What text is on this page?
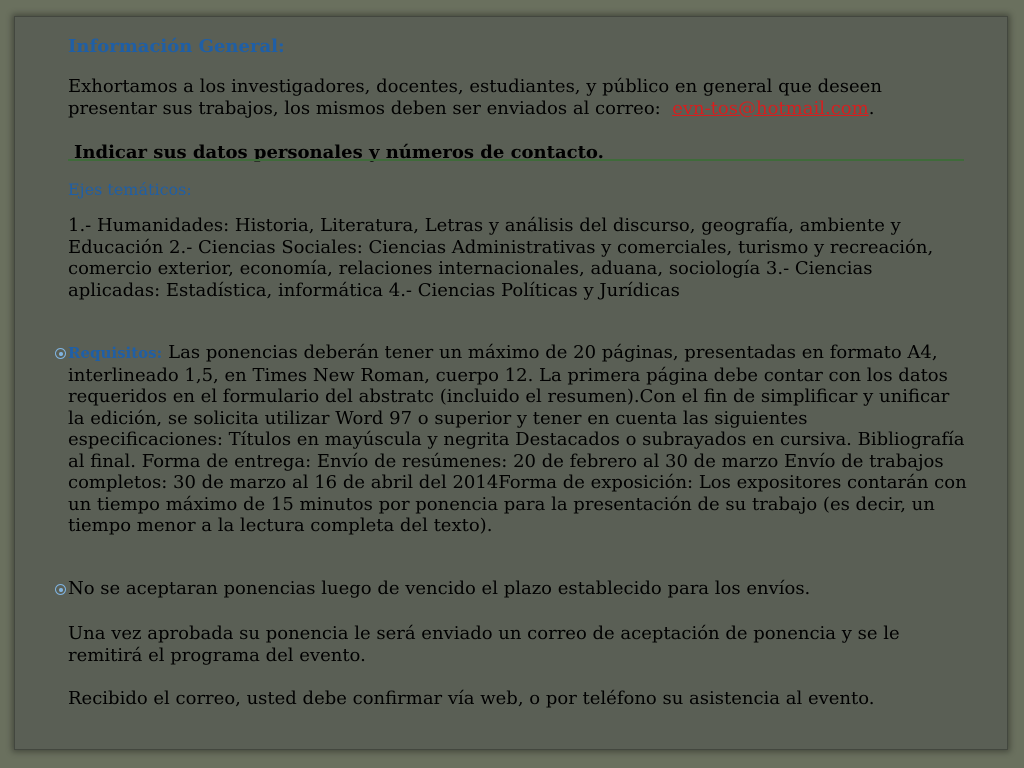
Información General:
Exhortamos a los investigadores, docentes, estudiantes, y público en general que deseen presentar sus trabajos, los mismos deben ser enviados al correo: evn-tos@hotmail.com.
Indicar sus datos personales y números de contacto.
Ejes temáticos:
1.- Humanidades: Historia, Literatura, Letras y análisis del discurso, geografía, ambiente y Educación 2.- Ciencias Sociales: Ciencias Administrativas y comerciales, turismo y recreación, comercio exterior, economía, relaciones internacionales, aduana, sociología 3.- Ciencias aplicadas: Estadística, informática 4.- Ciencias Políticas y Jurídicas
Requisitos: Las ponencias deberán tener un máximo de 20 páginas, presentadas en formato A4, interlineado 1,5, en Times New Roman, cuerpo 12. La primera página debe contar con los datos requeridos en el formulario del abstratc (incluido el resumen).Con el fin de simplificar y unificar la edición, se solicita utilizar Word 97 o superior y tener en cuenta las siguientes especificaciones: Títulos en mayúscula y negrita Destacados o subrayados en cursiva. Bibliografía al final. Forma de entrega: Envío de resúmenes: 20 de febrero al 30 de marzo Envío de trabajos completos: 30 de marzo al 16 de abril del 2014Forma de exposición: Los expositores contarán con un tiempo máximo de 15 minutos por ponencia para la presentación de su trabajo (es decir, un tiempo menor a la lectura completa del texto).
No se aceptaran ponencias luego de vencido el plazo establecido para los envíos.
Una vez aprobada su ponencia le será enviado un correo de aceptación de ponencia y se le remitirá el programa del evento.
Recibido el correo, usted debe confirmar vía web, o por teléfono su asistencia al evento.
